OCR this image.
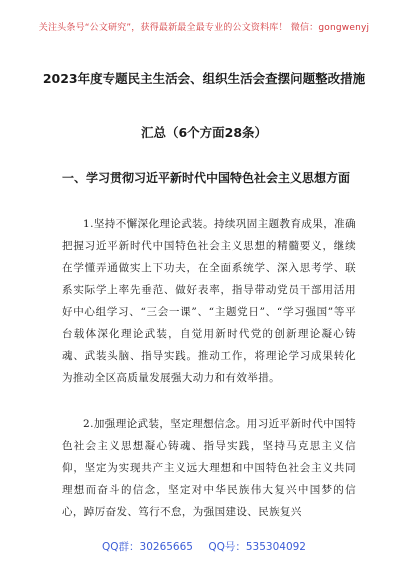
关注头条号“公文研究”，获得最新最全最专业的公文资料库！ 微信：gongwenyj
2023年度专题民主生活会、组织生活会查摆问题整改措施
汇总（6个方面28条）
一、学习贯彻习近平新时代中国特色社会主义思想方面
1.坚持不懈深化理论武装。持续巩固主题教育成果，准确把握习近平新时代中国特色社会主义思想的精髓要义，继续在学懂弄通做实上下功夫，在全面系统学、深入思考学、联系实际学上率先垂范、做好表率，指导带动党员干部用活用好中心组学习、“三会一课”、“主题党日”、“学习强国”等平台载体深化理论武装，自觉用新时代党的创新理论凝心铸魂、武装头脑、指导实践。推动工作，将理论学习成果转化为推动全区高质量发展强大动力和有效举措。
2.加强理论武装，坚定理想信念。用习近平新时代中国特色社会主义思想凝心铸魂、指导实践，坚持马克思主义信仰，坚定为实现共产主义远大理想和中国特色社会主义共同理想而奋斗的信念，坚定对中华民族伟大复兴中国梦的信心，踔厉奋发、笃行不怠，为强国建设、民族复兴
QQ群：30265665 QQ号：535304092
